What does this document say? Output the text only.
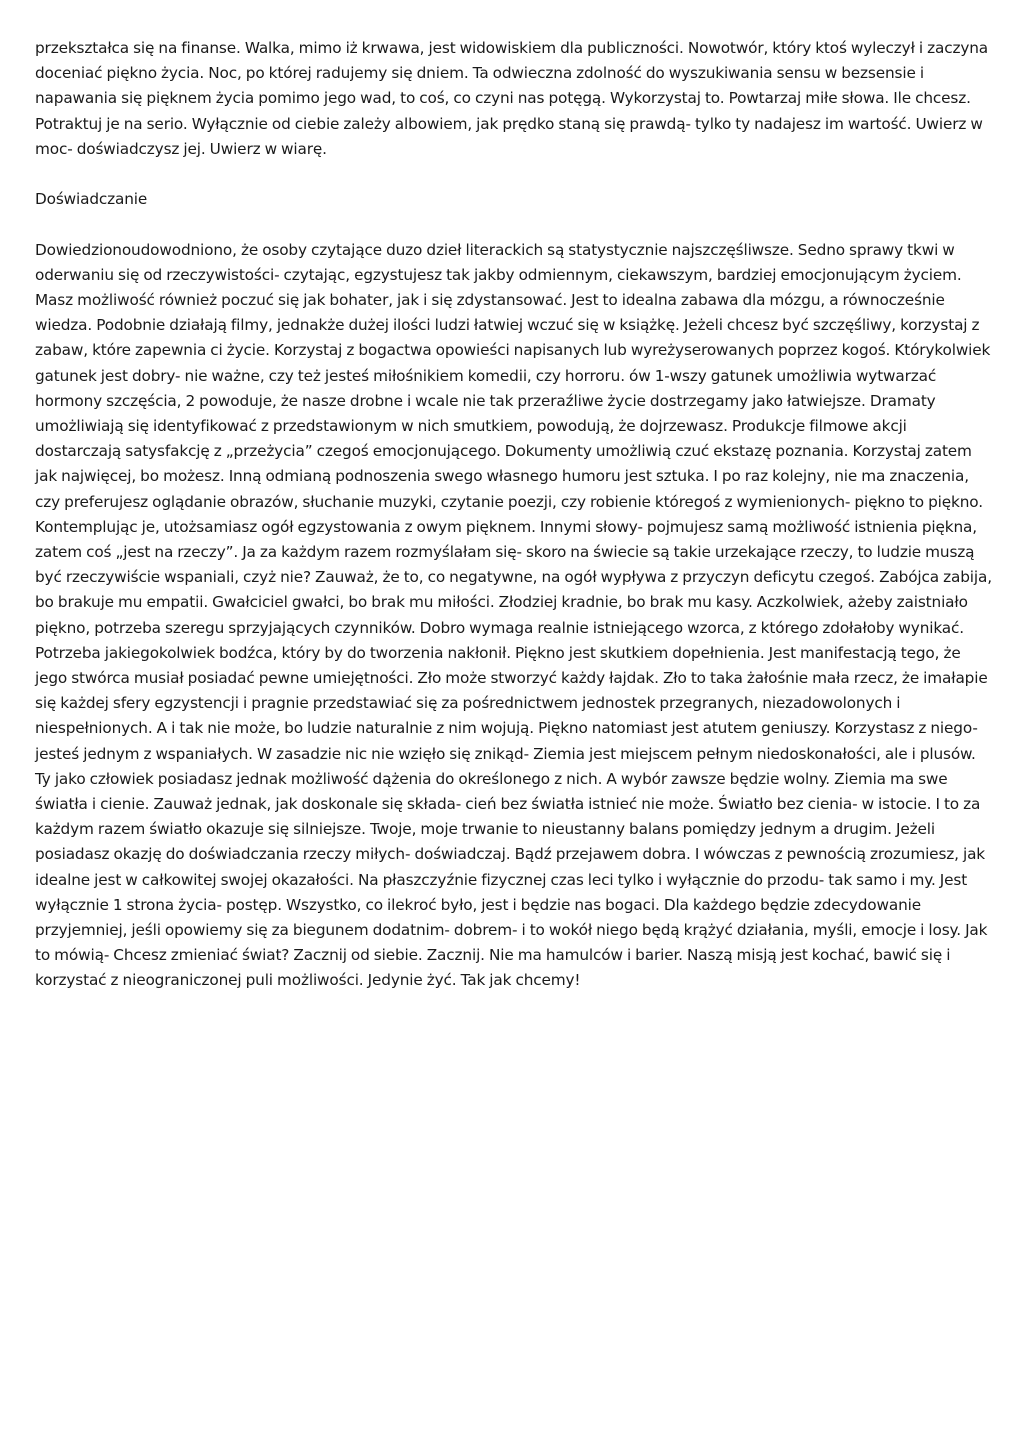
przekształca się na finanse. Walka, mimo iż krwawa, jest widowiskiem dla publiczności. Nowotwór, który ktoś wyleczył i zaczyna doceniać piękno życia. Noc, po której radujemy się dniem. Ta odwieczna zdolność do wyszukiwania sensu w bezsensie i napawania się pięknem życia pomimo jego wad, to coś, co czyni nas potęgą. Wykorzystaj to. Powtarzaj miłe słowa. Ile chcesz. Potraktuj je na serio. Wyłącznie od ciebie zależy albowiem, jak prędko staną się prawdą- tylko ty nadajesz im wartość. Uwierz w moc- doświadczysz jej. Uwierz w wiarę.

Doświadczanie

Dowiedzionoudowodniono, że osoby czytające duzo dzieł literackich są statystycznie najszczęśliwsze. Sedno sprawy tkwi w oderwaniu się od rzeczywistości- czytając, egzystujesz tak jakby odmiennym, ciekawszym, bardziej emocjonującym życiem. Masz możliwość również poczuć się jak bohater, jak i się zdystansować. Jest to idealna zabawa dla mózgu, a równocześnie wiedza. Podobnie działają filmy, jednakże dużej ilości ludzi łatwiej wczuć się w książkę. Jeżeli chcesz być szczęśliwy, korzystaj z zabaw, które zapewnia ci życie. Korzystaj z bogactwa opowieści napisanych lub wyreżyserowanych poprzez kogoś. Którykolwiek gatunek jest dobry- nie ważne, czy też jesteś miłośnikiem komedii, czy horroru. ów 1-wszy gatunek umożliwia wytwarzać hormony szczęścia, 2 powoduje, że nasze drobne i wcale nie tak przeraźliwe życie dostrzegamy jako łatwiejsze. Dramaty umożliwiają się identyfikować z przedstawionym w nich smutkiem, powodują, że dojrzewasz. Produkcje filmowe akcji dostarczają satysfakcję z „przeżycia” czegoś emocjonującego. Dokumenty umożliwią czuć ekstazę poznania. Korzystaj zatem jak najwięcej, bo możesz. Inną odmianą podnoszenia swego własnego humoru jest sztuka. I po raz kolejny, nie ma znaczenia, czy preferujesz oglądanie obrazów, słuchanie muzyki, czytanie poezji, czy robienie któregoś z wymienionych- piękno to piękno. Kontemplując je, utożsamiasz ogół egzystowania z owym pięknem. Innymi słowy- pojmujesz samą możliwość istnienia piękna, zatem coś „jest na rzeczy”. Ja za każdym razem rozmyślałam się- skoro na świecie są takie urzekające rzeczy, to ludzie muszą być rzeczywiście wspaniali, czyż nie? Zauważ, że to, co negatywne, na ogół wypływa z przyczyn deficytu czegoś. Zabójca zabija, bo brakuje mu empatii. Gwałciciel gwałci, bo brak mu miłości. Złodziej kradnie, bo brak mu kasy. Aczkolwiek, ażeby zaistniało piękno, potrzeba szeregu sprzyjających czynników. Dobro wymaga realnie istniejącego wzorca, z którego zdołałoby wynikać. Potrzeba jakiegokolwiek bodźca, który by do tworzenia nakłonił. Piękno jest skutkiem dopełnienia. Jest manifestacją tego, że jego stwórca musiał posiadać pewne umiejętności. Zło może stworzyć każdy łajdak. Zło to taka żałośnie mała rzecz, że imałapie się każdej sfery egzystencji i pragnie przedstawiać się za pośrednictwem jednostek przegranych, niezadowolonych i niespełnionych. A i tak nie może, bo ludzie naturalnie z nim wojują. Piękno natomiast jest atutem geniuszy. Korzystasz z niego- jesteś jednym z wspaniałych. W zasadzie nic nie wzięło się znikąd- Ziemia jest miejscem pełnym niedoskonałości, ale i plusów. Ty jako człowiek posiadasz jednak możliwość dążenia do określonego z nich. A wybór zawsze będzie wolny. Ziemia ma swe światła i cienie. Zauważ jednak, jak doskonale się składa- cień bez światła istnieć nie może. Światło bez cienia- w istocie. I to za każdym razem światło okazuje się silniejsze. Twoje, moje trwanie to nieustanny balans pomiędzy jednym a drugim. Jeżeli posiadasz okazję do doświadczania rzeczy miłych- doświadczaj. Bądź przejawem dobra. I wówczas z pewnością zrozumiesz, jak idealne jest w całkowitej swojej okazałości. Na płaszczyźnie fizycznej czas leci tylko i wyłącznie do przodu- tak samo i my. Jest wyłącznie 1 strona życia- postęp. Wszystko, co ilekroć było, jest i będzie nas bogaci. Dla każdego będzie zdecydowanie przyjemniej, jeśli opowiemy się za biegunem dodatnim- dobrem- i to wokół niego będą krążyć działania, myśli, emocje i losy. Jak to mówią- Chcesz zmieniać świat? Zacznij od siebie. Zacznij. Nie ma hamulców i barier. Naszą misją jest kochać, bawić się i korzystać z nieograniczonej puli możliwości. Jedynie żyć. Tak jak chcemy!
